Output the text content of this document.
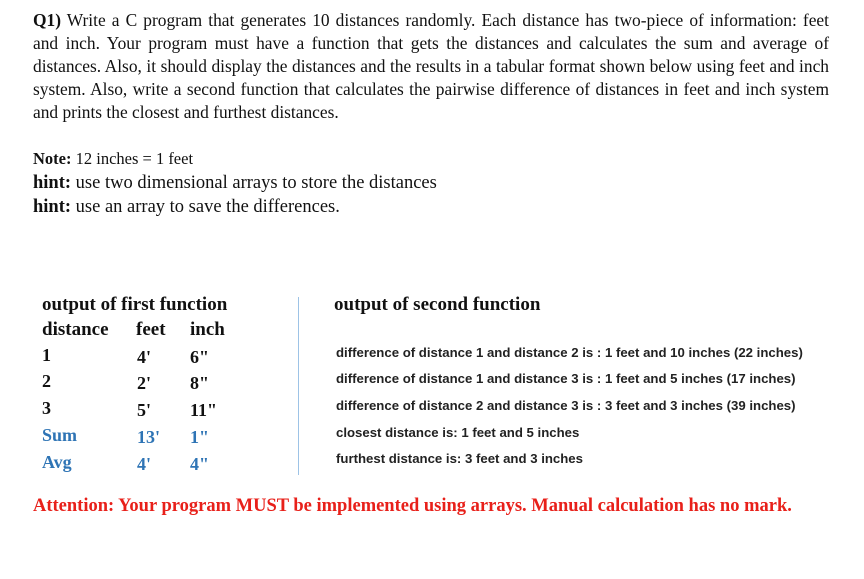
Q1) Write a C program that generates 10 distances randomly. Each distance has two-piece of information: feet and inch. Your program must have a function that gets the distances and calculates the sum and average of distances. Also, it should display the distances and the results in a tabular format shown below using feet and inch system. Also, write a second function that calculates the pairwise difference of distances in feet and inch system and prints the closest and furthest distances.
Note: 12 inches = 1 feet
hint: use two dimensional arrays to store the distances
hint: use an array to save the differences.
output of first function
distance feet inch
1	4' 6"
2	2' 8"
3	5' 11"
Sum	13' 1"
Avg	4' 4"
output of second function
difference of distance 1 and distance 2 is : 1 feet and 10 inches (22 inches)
difference of distance 1 and distance 3 is : 1 feet and 5 inches (17 inches)
difference of distance 2 and distance 3 is : 3 feet and 3 inches (39 inches)
closest distance is: 1 feet and 5 inches
furthest distance is: 3 feet and 3 inches
Attention: Your program MUST be implemented using arrays. Manual calculation has no mark.
